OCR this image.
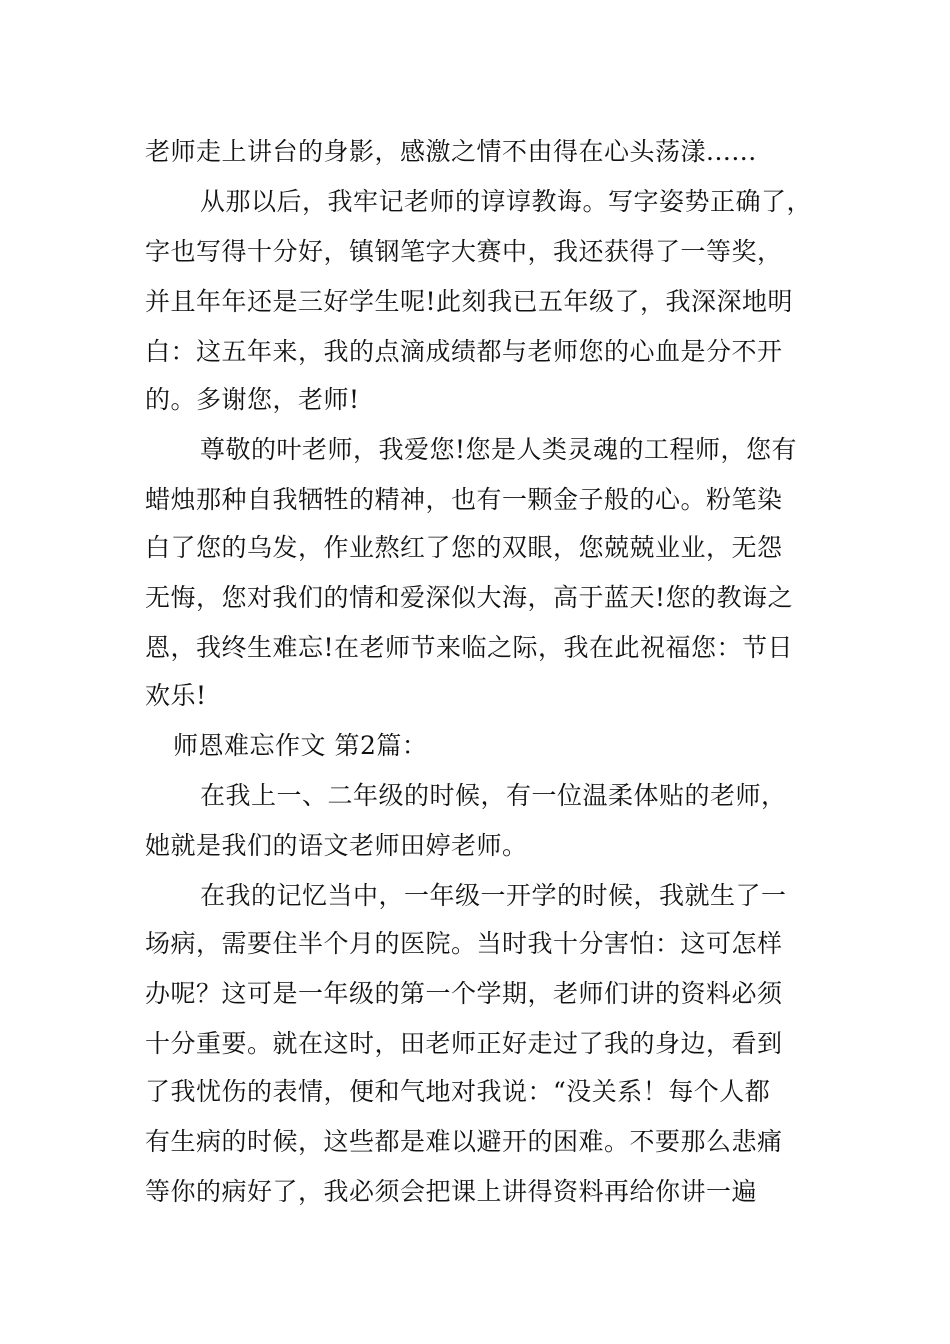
老师走上讲台的身影，感激之情不由得在心头荡漾......
从那以后，我牢记老师的谆谆教诲。写字姿势正确了，
字也写得十分好，镇钢笔字大赛中，我还获得了一等奖，
并且年年还是三好学生呢!此刻我已五年级了，我深深地明
白：这五年来，我的点滴成绩都与老师您的心血是分不开
的。多谢您，老师!
尊敬的叶老师，我爱您!您是人类灵魂的工程师，您有
蜡烛那种自我牺牲的精神，也有一颗金子般的心。粉笔染
白了您的乌发，作业熬红了您的双眼，您兢兢业业，无怨
无悔，您对我们的情和爱深似大海，高于蓝天!您的教诲之
恩，我终生难忘!在老师节来临之际，我在此祝福您：节日
欢乐!
师恩难忘作文 第2篇：
在我上一、二年级的时候，有一位温柔体贴的老师，
她就是我们的语文老师田婷老师。
在我的记忆当中，一年级一开学的时候，我就生了一
场病，需要住半个月的医院。当时我十分害怕：这可怎样
办呢？这可是一年级的第一个学期，老师们讲的资料必须
十分重要。就在这时，田老师正好走过了我的身边，看到
了我忧伤的表情，便和气地对我说：“没关系！每个人都
有生病的时候，这些都是难以避开的困难。不要那么悲痛
等你的病好了，我必须会把课上讲得资料再给你讲一遍
